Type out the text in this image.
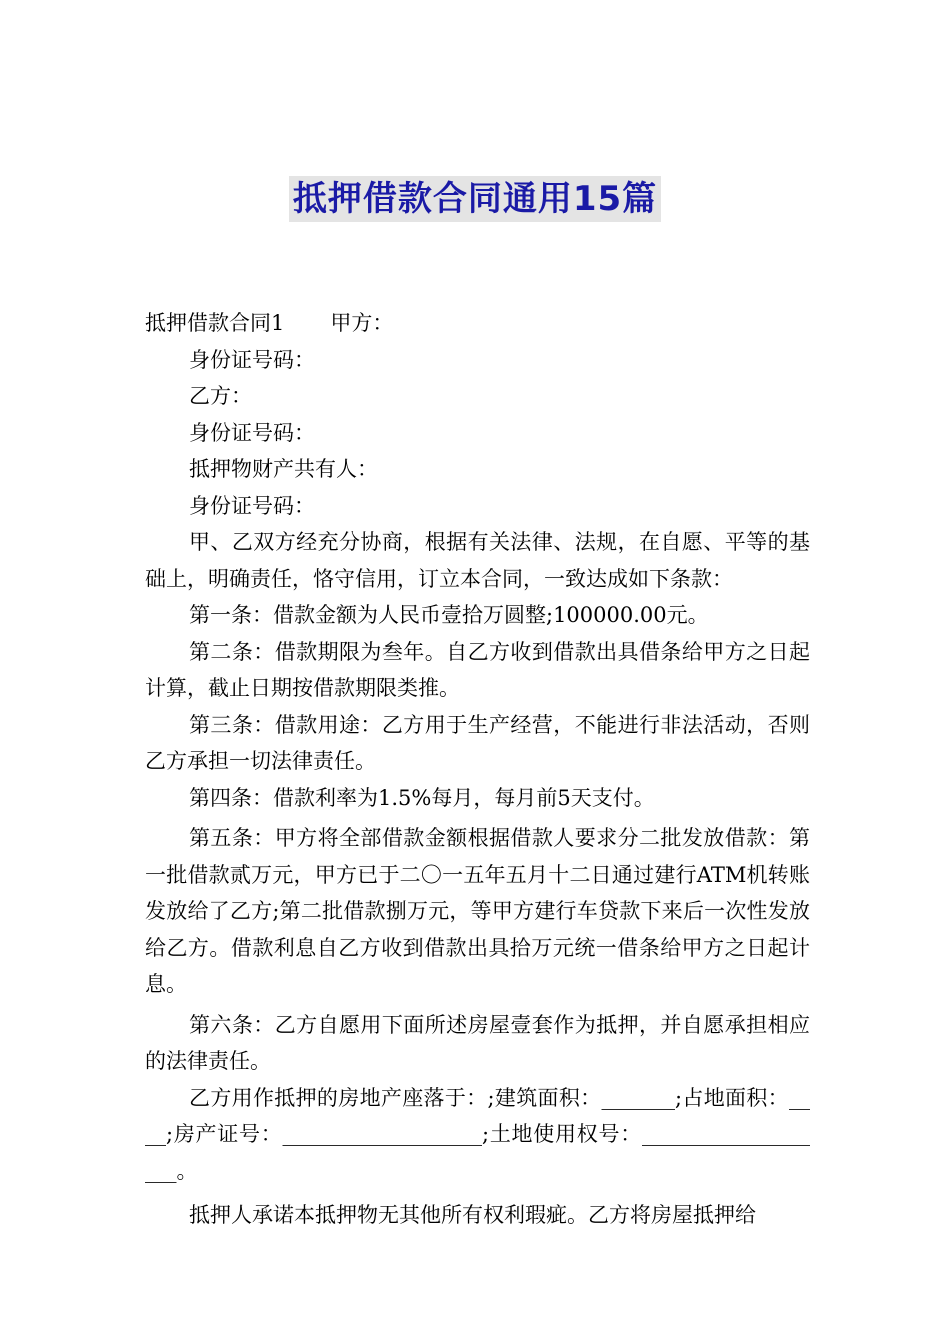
抵押借款合同通用15篇

抵押借款合同1 甲方：

身份证号码：

乙方：

身份证号码：

抵押物财产共有人：

身份证号码：

甲、乙双方经充分协商，根据有关法律、法规，在自愿、平等的基础上，明确责任，恪守信用，订立本合同，一致达成如下条款：

第一条：借款金额为人民币壹拾万圆整;100000.00元。

第二条：借款期限为叁年。自乙方收到借款出具借条给甲方之日起计算，截止日期按借款期限类推。

第三条：借款用途：乙方用于生产经营，不能进行非法活动，否则乙方承担一切法律责任。

第四条：借款利率为1.5%每月，每月前5天支付。

第五条：甲方将全部借款金额根据借款人要求分二批发放借款：第一批借款贰万元，甲方已于二〇一五年五月十二日通过建行ATM机转账发放给了乙方;第二批借款捌万元，等甲方建行车贷款下来后一次性发放给乙方。借款利息自乙方收到借款出具拾万元统一借条给甲方之日起计息。

第六条：乙方自愿用下面所述房屋壹套作为抵押，并自愿承担相应的法律责任。

乙方用作抵押的房地产座落于：;建筑面积：_______;占地面积：____;房产证号：___________________;土地使用权号：___________________。

抵押人承诺本抵押物无其他所有权利瑕疵。乙方将房屋抵押给
